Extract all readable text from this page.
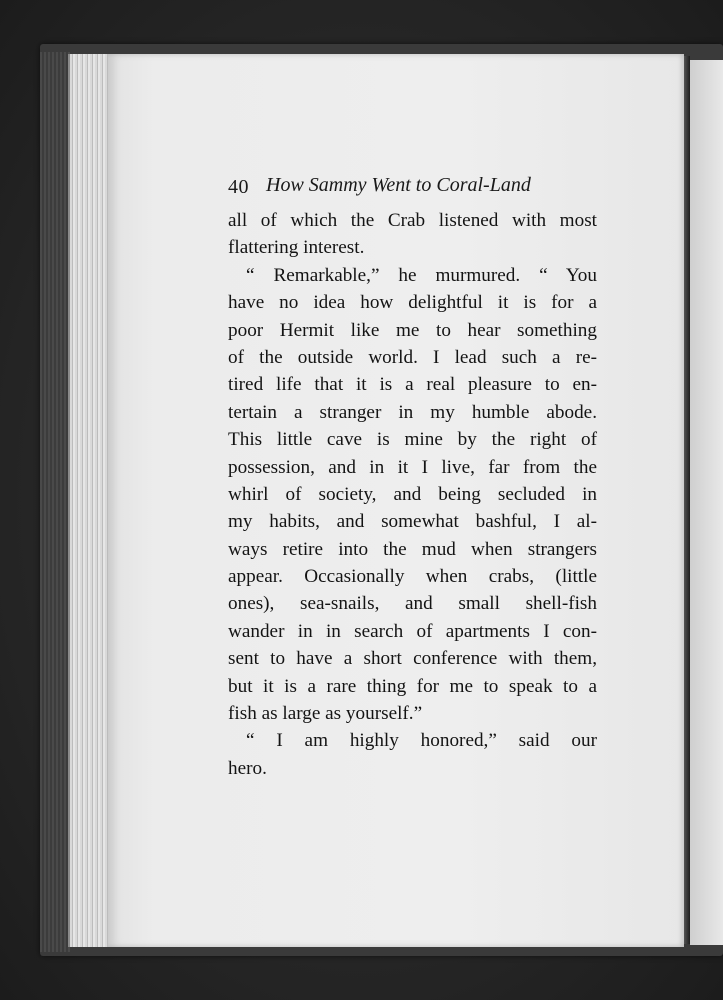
40 How Sammy Went to Coral-Land
all of which the Crab listened with most
flattering interest.
“ Remarkable,” he murmured. “ You
have no idea how delightful it is for a
poor Hermit like me to hear something
of the outside world. I lead such a re-
tired life that it is a real pleasure to en-
tertain a stranger in my humble abode.
This little cave is mine by the right of
possession, and in it I live, far from the
whirl of society, and being secluded in
my habits, and somewhat bashful, I al-
ways retire into the mud when strangers
appear. Occasionally when crabs, (little
ones), sea-snails, and small shell-fish
wander in in search of apartments I con-
sent to have a short conference with them,
but it is a rare thing for me to speak to a
fish as large as yourself.”
“ I am highly honored,” said our
hero.
